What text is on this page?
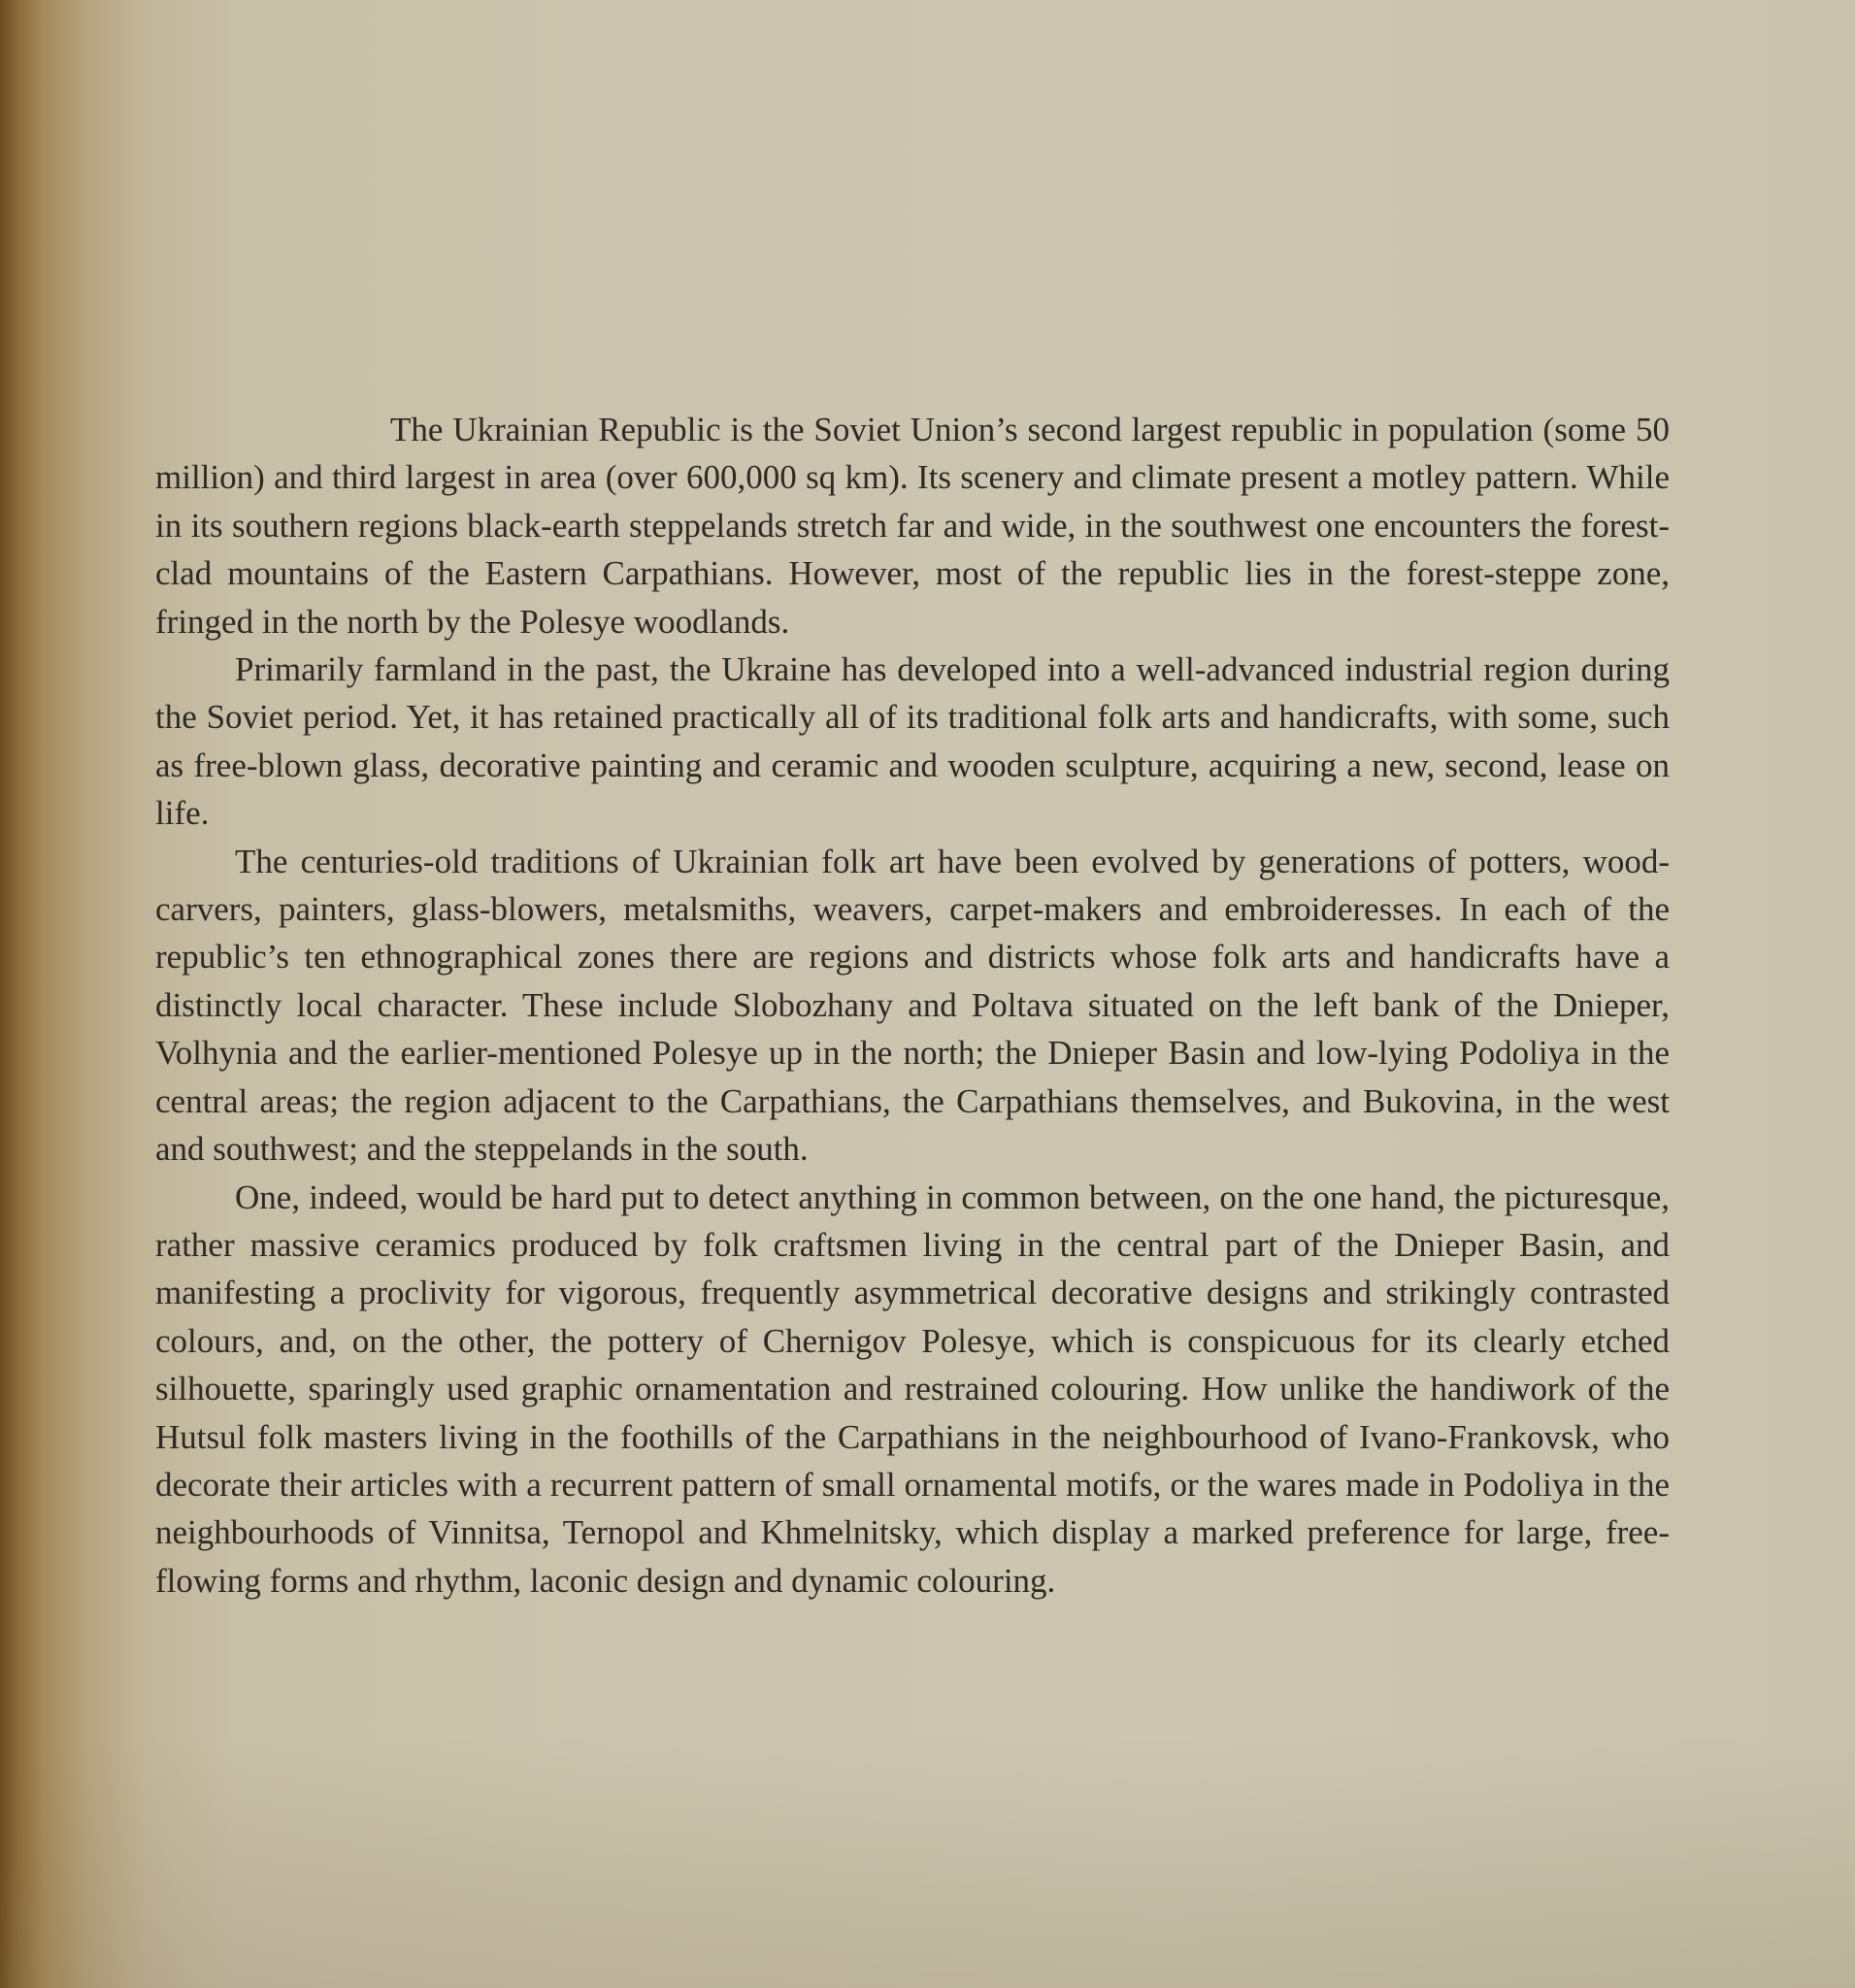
The Ukrainian Republic is the Soviet Union’s second largest republic in population (some 50 million) and third largest in area (over 600,000 sq km). Its scenery and climate present a motley pattern. While in its southern regions black-earth steppelands stretch far and wide, in the southwest one encounters the forest-clad mountains of the Eastern Carpathians. However, most of the republic lies in the forest-steppe zone, fringed in the north by the Polesye woodlands.

Primarily farmland in the past, the Ukraine has developed into a well-advanced industrial region during the Soviet period. Yet, it has retained practically all of its traditional folk arts and handicrafts, with some, such as free-blown glass, decorative painting and ceramic and wooden sculpture, acquiring a new, second, lease on life.

The centuries-old traditions of Ukrainian folk art have been evolved by generations of potters, wood-carvers, painters, glass-blowers, metalsmiths, weavers, carpet-makers and embroideresses. In each of the republic’s ten ethnographical zones there are regions and districts whose folk arts and handicrafts have a distinctly local character. These include Slobozhany and Poltava situated on the left bank of the Dnieper, Volhynia and the earlier-mentioned Polesye up in the north; the Dnieper Basin and low-lying Podoliya in the central areas; the region adjacent to the Carpathians, the Carpathians themselves, and Bukovina, in the west and southwest; and the steppelands in the south.

One, indeed, would be hard put to detect anything in common between, on the one hand, the picturesque, rather massive ceramics produced by folk craftsmen living in the central part of the Dnieper Basin, and manifesting a proclivity for vigorous, frequently asymmetrical decorative designs and strikingly contrasted colours, and, on the other, the pottery of Chernigov Polesye, which is conspicuous for its clearly etched silhouette, sparingly used graphic ornamentation and restrained colouring. How unlike the handiwork of the Hutsul folk masters living in the foothills of the Carpathians in the neighbourhood of Ivano-Frankovsk, who decorate their articles with a recurrent pattern of small ornamental motifs, or the wares made in Podoliya in the neighbourhoods of Vinnitsa, Ternopol and Khmelnitsky, which display a marked preference for large, free-flowing forms and rhythm, laconic design and dynamic colouring.
